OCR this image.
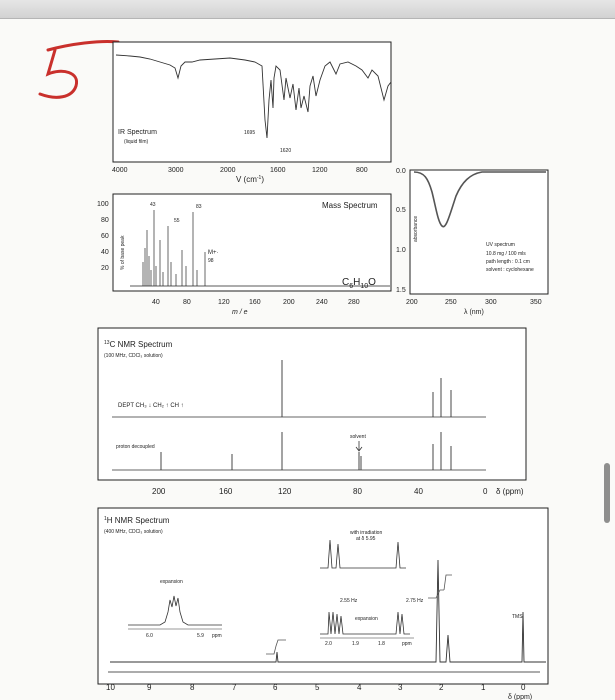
IR Spectrum
(liquid film)
1695
1620
4000	3000	2000	1600	1200	800
V $(cm^{-1})$
100
80
60
40
20 % of base peak
43
55
83
M+·
98
Mass Spectrum
$C_6H_{10}O$
40	80	120	160	200	240	280
m / e
absorbance
0.0
0.5
1.0
1.5
200	250	300	350
λ (nm)
UV spectrum
10.8 mg / 100 mls
path length : 0.1 cm
solvent : cyclohexane
$^{13}$C NMR Spectrum
(100 MHz, CDCl₃ solution)
DEPT CH₃ ↓ CH₂ ↑ CH ↑
proton decoupled
solvent
200	160	120	80	40	0 δ (ppm)
$^1$H NMR Spectrum
(400 MHz, CDCl₃ solution)
expansion
6.0	5.9 ppm
with irradiation
at δ 5.95
2.55 Hz	2.75 Hz
expansion
2.0	1.9	1.8	ppm
TMS
10	9	8	7	6	5	4	3	2	1	0
δ (ppm)
